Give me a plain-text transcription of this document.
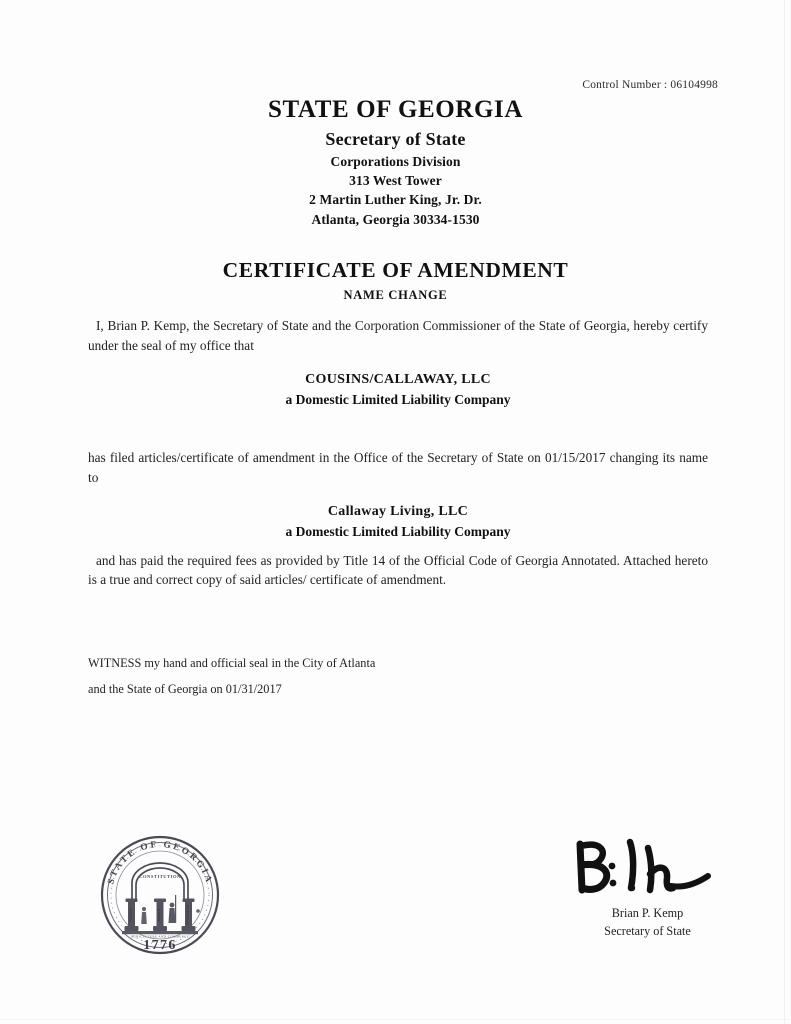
Control Number : 06104998
STATE OF GEORGIA
Secretary of State
Corporations Division
313 West Tower
2 Martin Luther King, Jr. Dr.
Atlanta, Georgia 30334-1530
CERTIFICATE OF AMENDMENT
NAME CHANGE
I, Brian P. Kemp, the Secretary of State and the Corporation Commissioner of the State of Georgia, hereby certify under the seal of my office that
COUSINS/CALLAWAY, LLC
a Domestic Limited Liability Company
has filed articles/certificate of amendment in the Office of the Secretary of State on 01/15/2017 changing its name to
Callaway Living, LLC
a Domestic Limited Liability Company
and has paid the required fees as provided by Title 14 of the Official Code of Georgia Annotated. Attached hereto is a true and correct copy of said articles/ certificate of amendment.
WITNESS my hand and official seal in the City of Atlanta
and the State of Georgia on 01/31/2017
STATE OF GEORGIA
CONSTITUTION
WISDOM	JUSTICE	MODERATION
AGRICULTURE AND COMMERCE
1776
Brian P. Kemp
Secretary of State
